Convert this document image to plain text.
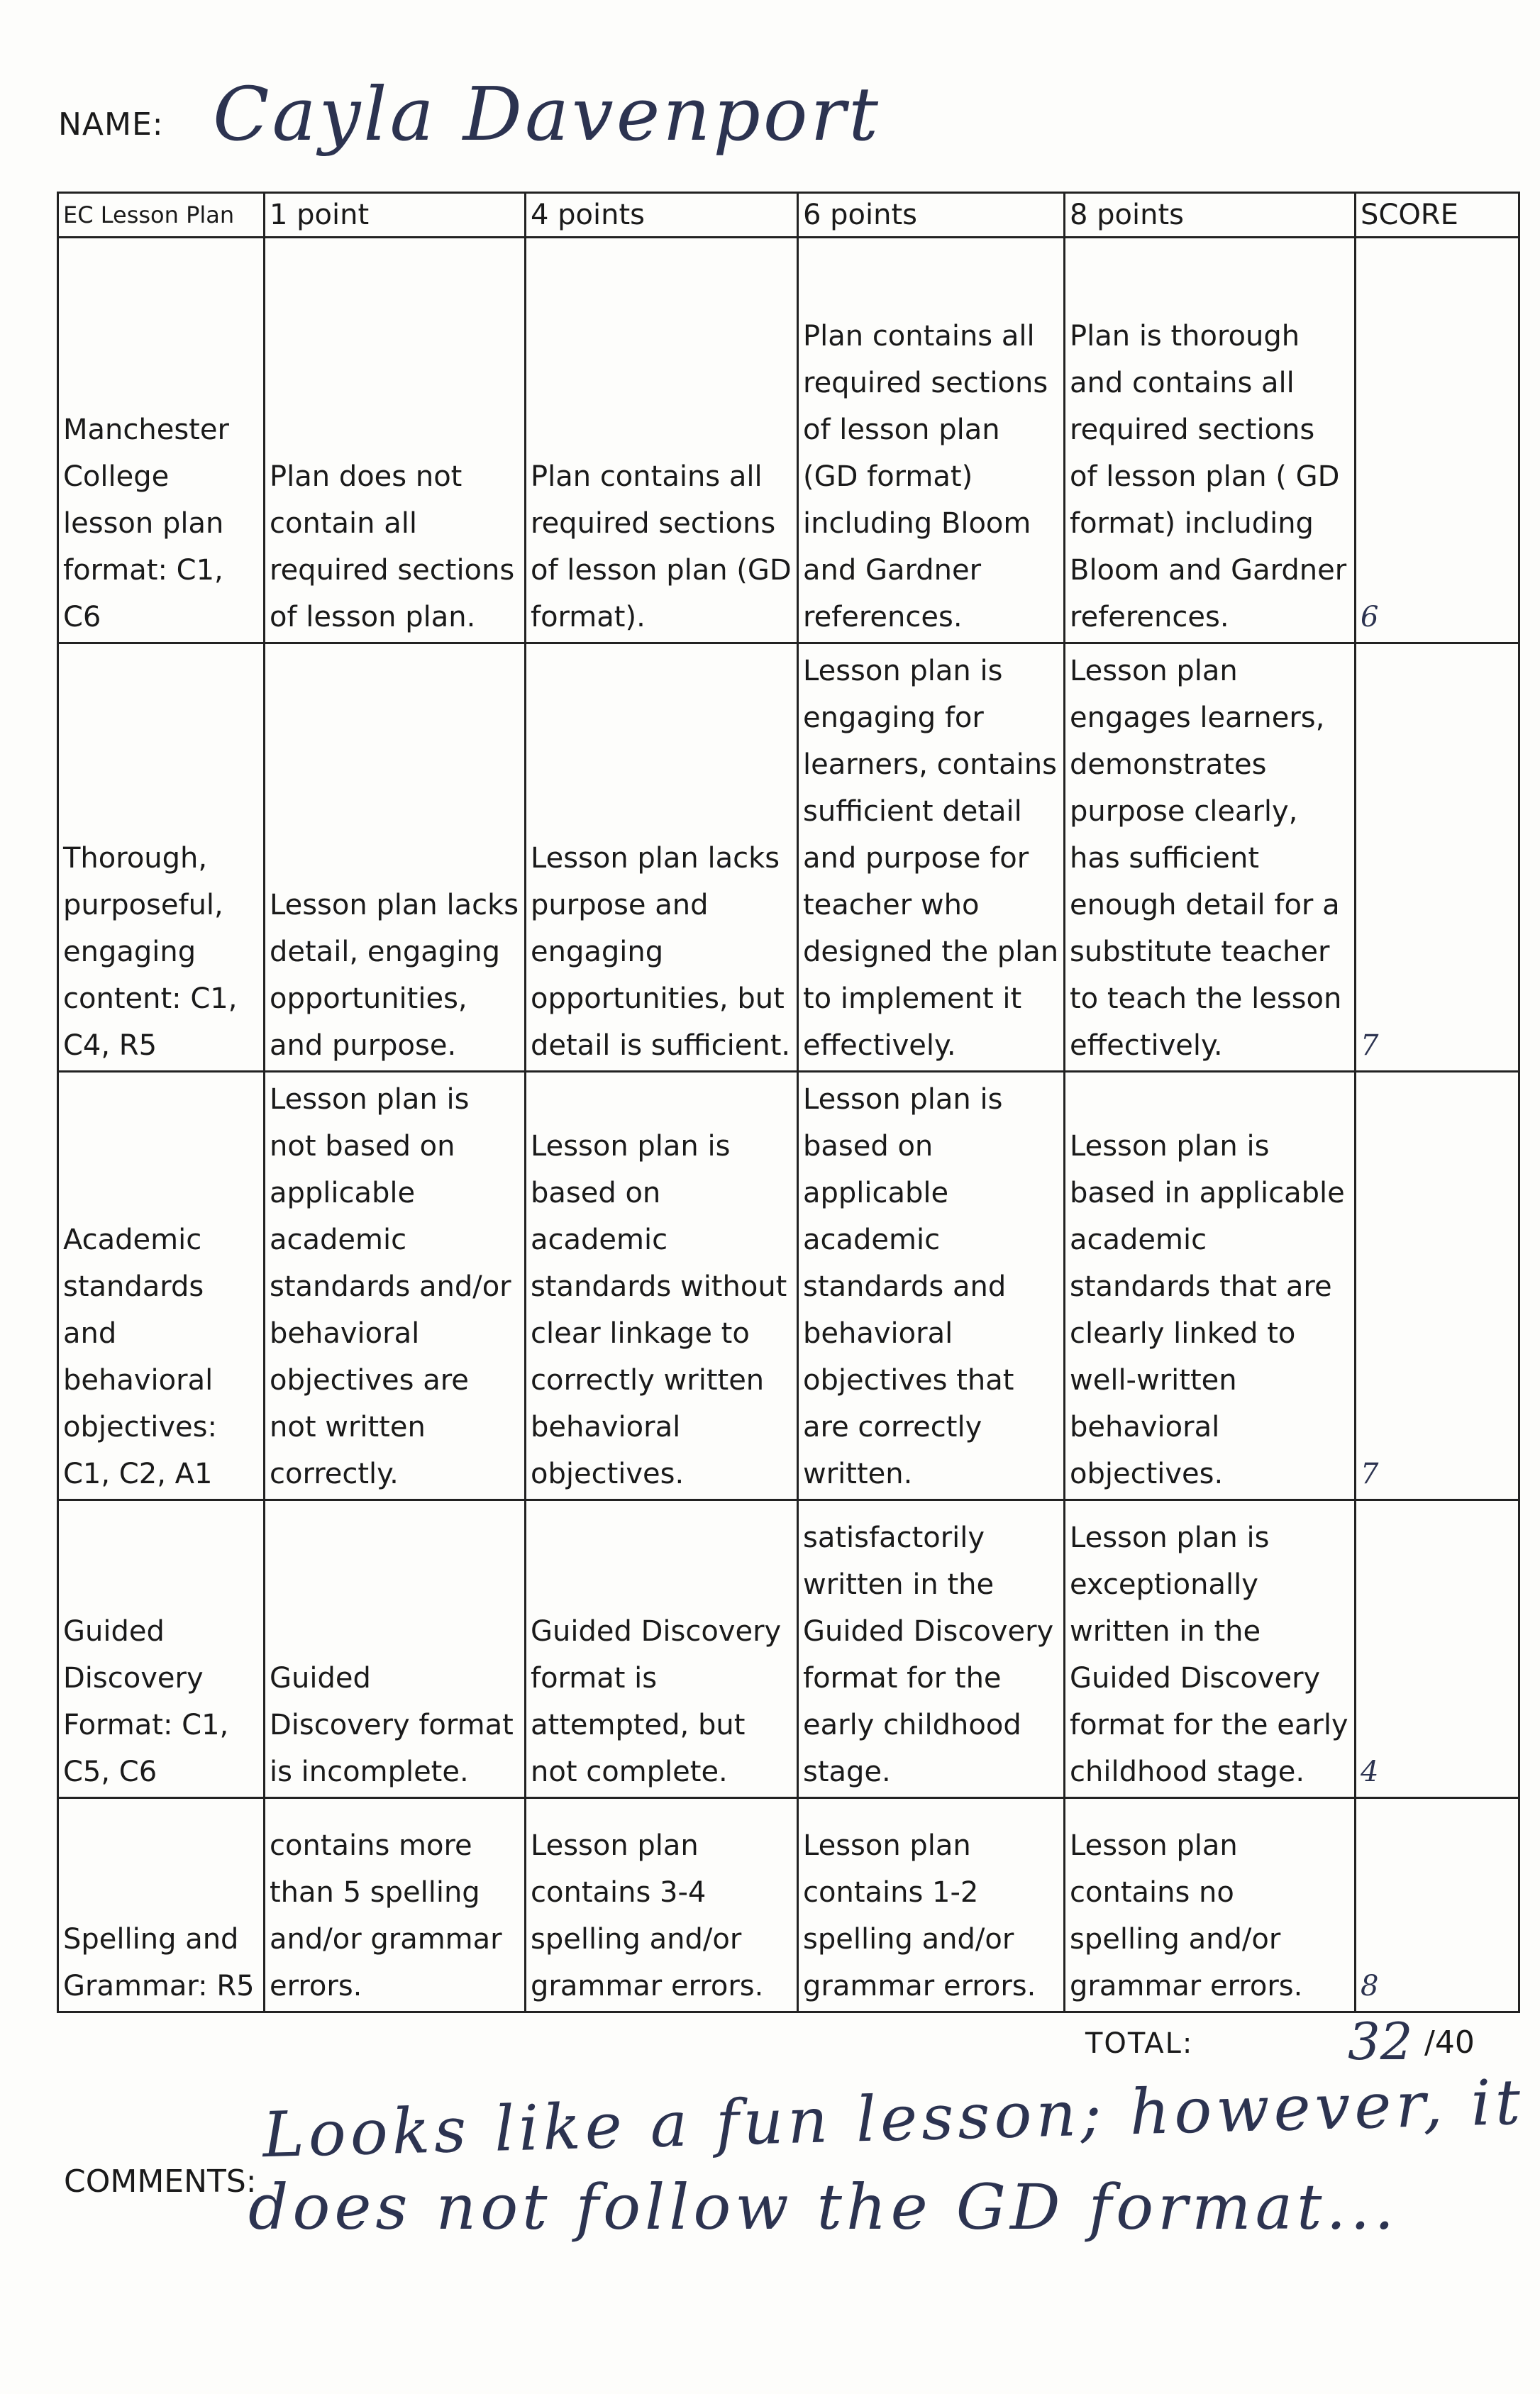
NAME: Cayla Davenport
EC Lesson Plan	1 point	4 points	6 points	8 points	SCORE
Manchester College lesson plan format: C1, C6	Plan does not contain all required sections of lesson plan.	Plan contains all required sections of lesson plan (GD format).	Plan contains all required sections of lesson plan (GD format) including Bloom and Gardner references.	Plan is thorough and contains all required sections of lesson plan ( GD format) including Bloom and Gardner references.	6
Thorough, purposeful, engaging content: C1, C4, R5	Lesson plan lacks detail, engaging opportunities, and purpose.	Lesson plan lacks purpose and engaging opportunities, but detail is sufficient.	Lesson plan is engaging for learners, contains sufficient detail and purpose for teacher who designed the plan to implement it effectively.	Lesson plan engages learners, demonstrates purpose clearly, has sufficient enough detail for a substitute teacher to teach the lesson effectively.	7
Academic standards and behavioral objectives: C1, C2, A1	Lesson plan is not based on applicable academic standards and/or behavioral objectives are not written correctly.	Lesson plan is based on academic standards without clear linkage to correctly written behavioral objectives.	Lesson plan is based on applicable academic standards and behavioral objectives that are correctly written.	Lesson plan is based in applicable academic standards that are clearly linked to well-written behavioral objectives.	7
Guided Discovery Format: C1, C5, C6	Guided Discovery format is incomplete.	Guided Discovery format is attempted, but not complete.	satisfactorily written in the Guided Discovery format for the early childhood stage.	Lesson plan is exceptionally written in the Guided Discovery format for the early childhood stage.	4
Spelling and Grammar: R5	contains more than 5 spelling and/or grammar errors.	Lesson plan contains 3-4 spelling and/or grammar errors.	Lesson plan contains 1-2 spelling and/or grammar errors.	Lesson plan contains no spelling and/or grammar errors.	8
TOTAL:	32 /40
COMMENTS:
Looks like a fun lesson; however, it
does not follow the GD format...
